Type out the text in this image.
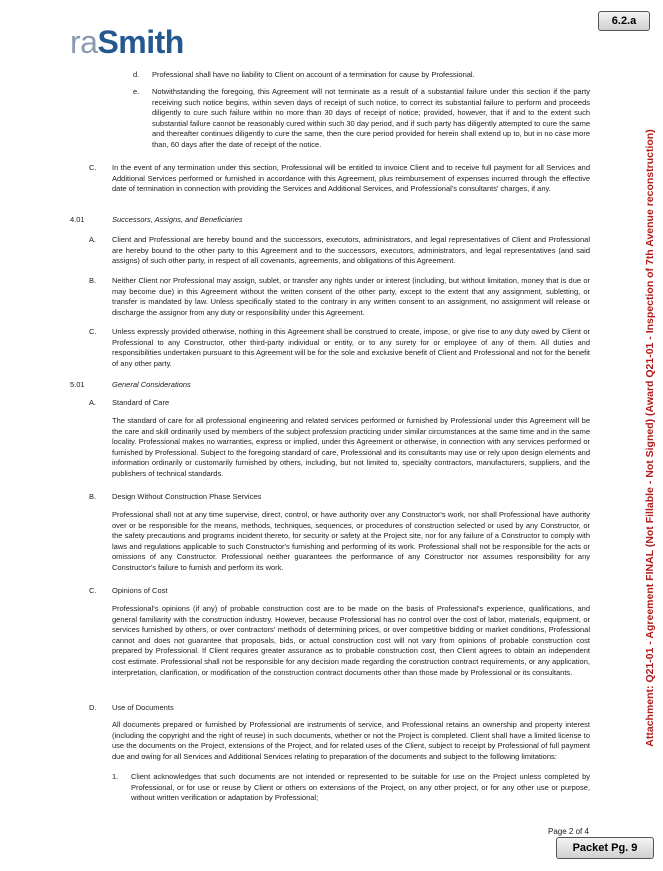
6.2.a
raSmith
d. Professional shall have no liability to Client on account of a termination for cause by Professional.

e. Notwithstanding the foregoing, this Agreement will not terminate as a result of a substantial failure under this section if the party receiving such notice begins, within seven days of receipt of such notice, to correct its substantial failure to perform and proceeds diligently to cure such failure within no more than 30 days of receipt of notice; provided, however, that if and to the extent such substantial failure cannot be reasonably cured within such 30 day period, and if such party has diligently attempted to cure the same and thereafter continues diligently to cure the same, then the cure period provided for herein shall extend up to, but in no case more than, 60 days after the date of receipt of the notice.

C. In the event of any termination under this section, Professional will be entitled to invoice Client and to receive full payment for all Services and Additional Services performed or furnished in accordance with this Agreement, plus reimbursement of expenses incurred through the effective date of termination in connection with providing the Services and Additional Services, and Professional's consultants' charges, if any.

4.01	Successors, Assigns, and Beneficiaries
A. Client and Professional are hereby bound and the successors, executors, administrators, and legal representatives of Client and Professional are hereby bound to the other party to this Agreement and to the successors, executors, administrators, and legal representatives (and said assigns) of such other party, in respect of all covenants, agreements, and obligations of this Agreement.

B. Neither Client nor Professional may assign, sublet, or transfer any rights under or interest (including, but without limitation, money that is due or may become due) in this Agreement without the written consent of the other party, except to the extent that any assignment, subletting, or transfer is mandated by law. Unless specifically stated to the contrary in any written consent to an assignment, no assignment will release or discharge the assignor from any duty or responsibility under this Agreement.

C. Unless expressly provided otherwise, nothing in this Agreement shall be construed to create, impose, or give rise to any duty owed by Client or Professional to any Constructor, other third-party individual or entity, or to any surety for or employee of any of them. All duties and responsibilities undertaken pursuant to this Agreement will be for the sole and exclusive benefit of Client and Professional and not for the benefit of any other party.

5.01	General Considerations
A. Standard of Care

The standard of care for all professional engineering and related services performed or furnished by Professional under this Agreement will be the care and skill ordinarily used by members of the subject profession practicing under similar circumstances at the same time and in the same locality. Professional makes no warranties, express or implied, under this Agreement or otherwise, in connection with any services performed or furnished by Professional. Subject to the foregoing standard of care, Professional and its consultants may use or rely upon design elements and information ordinarily or customarily furnished by others, including, but not limited to, specialty contractors, manufacturers, suppliers, and the publishers of technical standards.

B. Design Without Construction Phase Services

Professional shall not at any time supervise, direct, control, or have authority over any Constructor's work, nor shall Professional have authority over or be responsible for the means, methods, techniques, sequences, or procedures of construction selected or used by any Constructor, or the safety precautions and programs incident thereto, for security or safety at the Project site, nor for any failure of a Constructor to comply with laws and regulations applicable to such Constructor's furnishing and performing of its work. Professional shall not be responsible for the acts or omissions of any Constructor. Professional neither guarantees the performance of any Constructor nor assumes responsibility for any Constructor's failure to furnish and perform its work.

C. Opinions of Cost

Professional's opinions (if any) of probable construction cost are to be made on the basis of Professional's experience, qualifications, and general familiarity with the construction industry. However, because Professional has no control over the cost of labor, materials, equipment, or services furnished by others, or over contractors' methods of determining prices, or over competitive bidding or market conditions, Professional cannot and does not guarantee that proposals, bids, or actual construction cost will not vary from opinions of probable construction cost prepared by Professional. If Client requires greater assurance as to probable construction cost, then Client agrees to obtain an independent cost estimate. Professional shall not be responsible for any decision made regarding the construction contract requirements, or any application, interpretation, clarification, or modification of the construction contract documents other than those made by Professional or its consultants.

D. Use of Documents

All documents prepared or furnished by Professional are instruments of service, and Professional retains an ownership and property interest (including the copyright and the right of reuse) in such documents, whether or not the Project is completed. Client shall have a limited license to use the documents on the Project, extensions of the Project, and for related uses of the Client, subject to receipt by Professional of full payment due and owing for all Services and Additional Services relating to preparation of the documents and subject to the following limitations:

1. Client acknowledges that such documents are not intended or represented to be suitable for use on the Project unless completed by Professional, or for use or reuse by Client or others on extensions of the Project, on any other project, or for any other use or purpose, without written verification or adaptation by Professional;

Attachment: Q21-01 - Agreement FINAL (Not Fillable - Not Signed) (Award Q21-01 - Inspection of 7th Avenue reconstruction)
Page 2 of 4
Packet Pg. 9
